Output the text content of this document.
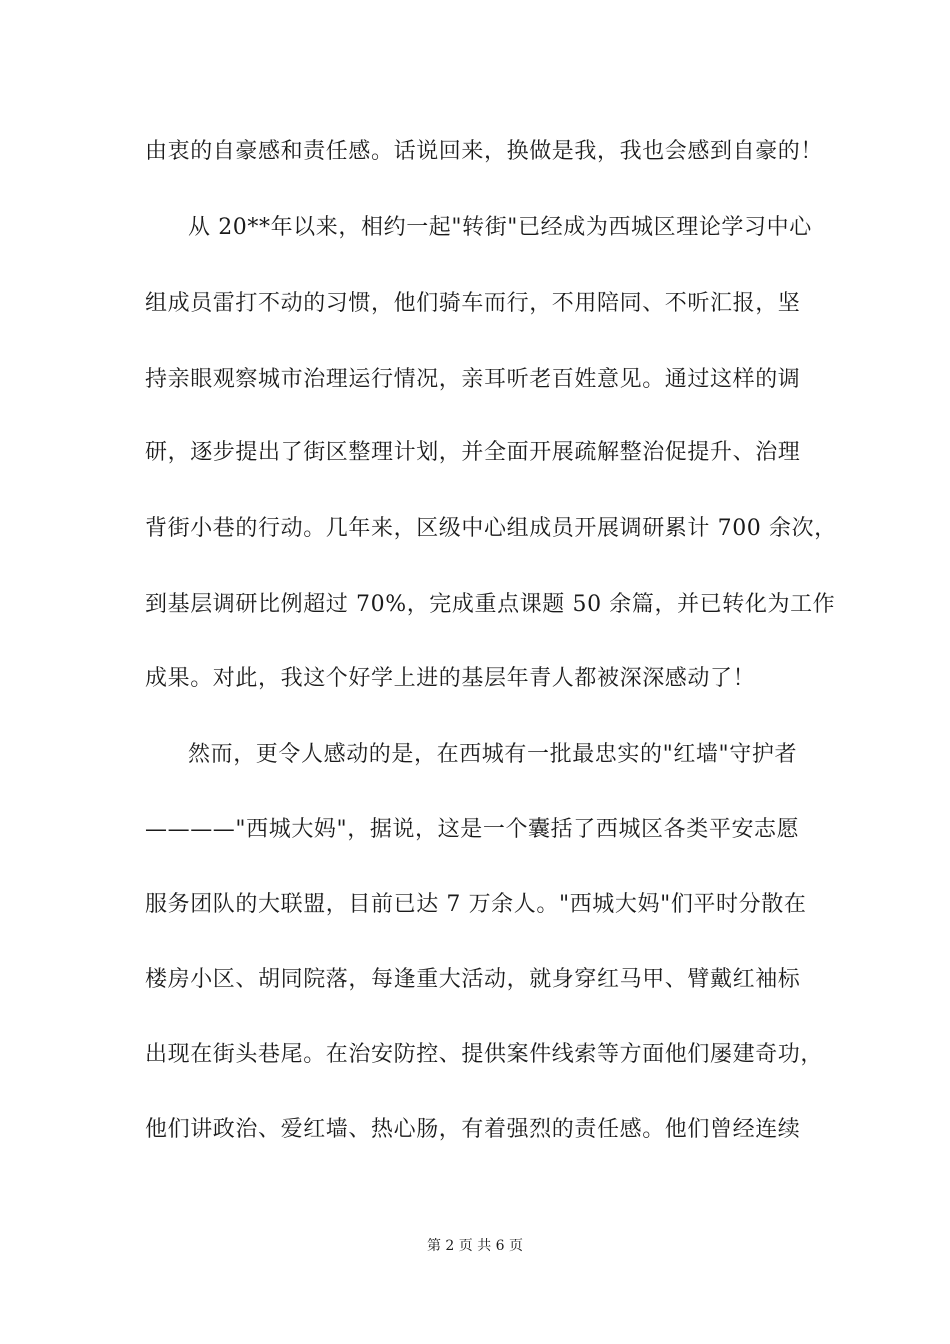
由衷的自豪感和责任感。话说回来，换做是我，我也会感到自豪的！
从 20**年以来，相约一起"转街"已经成为西城区理论学习中心
组成员雷打不动的习惯，他们骑车而行，不用陪同、不听汇报，坚
持亲眼观察城市治理运行情况，亲耳听老百姓意见。通过这样的调
研，逐步提出了街区整理计划，并全面开展疏解整治促提升、治理
背街小巷的行动。几年来，区级中心组成员开展调研累计 700 余次，
到基层调研比例超过 70%，完成重点课题 50 余篇，并已转化为工作
成果。对此，我这个好学上进的基层年青人都被深深感动了！
然而，更令人感动的是，在西城有一批最忠实的"红墙"守护者
————"西城大妈"，据说，这是一个囊括了西城区各类平安志愿
服务团队的大联盟，目前已达 7 万余人。"西城大妈"们平时分散在
楼房小区、胡同院落，每逢重大活动，就身穿红马甲、臂戴红袖标
出现在街头巷尾。在治安防控、提供案件线索等方面他们屡建奇功，
他们讲政治、爱红墙、热心肠，有着强烈的责任感。他们曾经连续
第 2 页 共 6 页
